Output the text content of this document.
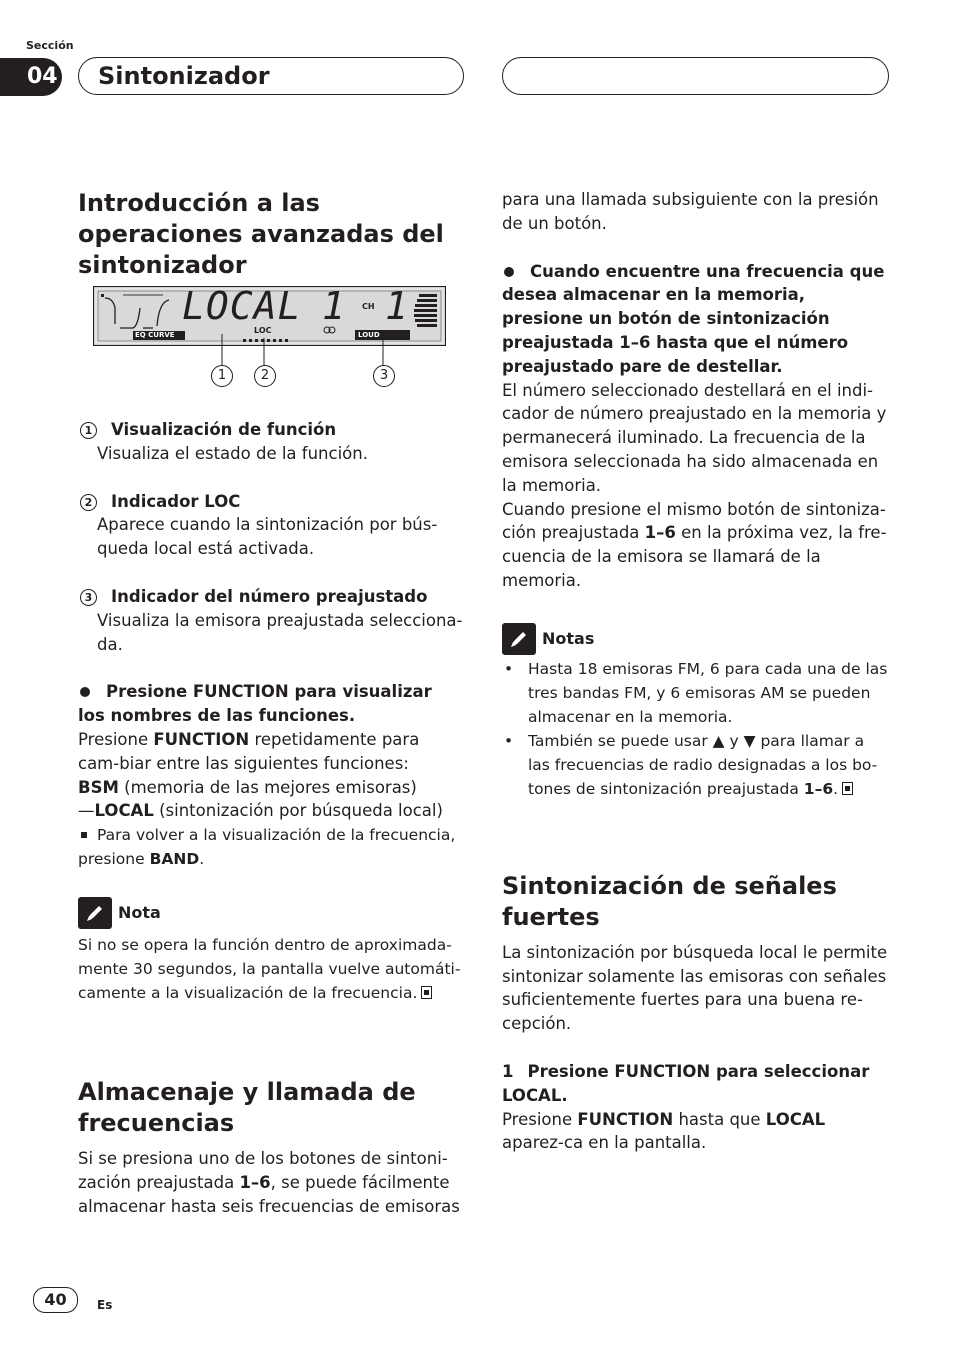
Sección
04 Sintonizador
Introducción a las operaciones avanzadas del sintonizador
LOCAL 1 CH 1
LOC
EQ CURVE	LOUD
1	2	3

1 Visualización de función

Visualiza el estado de la función.

2 Indicador LOC

Aparece cuando la sintonización por bús-queda local está activada.

3 Indicador del número preajustado

Visualiza la emisora preajustada selecciona-da.

Presione FUNCTION para visualizar los nombres de las funciones.

Presione FUNCTION repetidamente para cam-biar entre las siguientes funciones:

BSM (memoria de las mejores emisoras)

—LOCAL (sintonización por búsqueda local)

Para volver a la visualización de la frecuencia, presione BAND.

Nota

Si no se opera la función dentro de aproximada-mente 30 segundos, la pantalla vuelve automáti-camente a la visualización de la frecuencia.

Almacenaje y llamada de frecuencias

Si se presiona uno de los botones de sintoni-zación preajustada 1–6, se puede fácilmente almacenar hasta seis frecuencias de emisoras

para una llamada subsiguiente con la presión de un botón.

Cuando encuentre una frecuencia que desea almacenar en la memoria, presione un botón de sintonización preajustada 1–6 hasta que el número preajustado pare de destellar.

El número seleccionado destellará en el indi-cador de número preajustado en la memoria y permanecerá iluminado. La frecuencia de la emisora seleccionada ha sido almacenada en la memoria.

Cuando presione el mismo botón de sintoniza-ción preajustada 1–6 en la próxima vez, la fre-cuencia de la emisora se llamará de la memoria.

Notas
• Hasta 18 emisoras FM, 6 para cada una de las tres bandas FM, y 6 emisoras AM se pueden almacenar en la memoria.
• También se puede usar ▲ y ▼ para llamar a las frecuencias de radio designadas a los bo-tones de sintonización preajustada 1–6.
Sintonización de señales fuertes

La sintonización por búsqueda local le permite sintonizar solamente las emisoras con señales suficientemente fuertes para una buena re-cepción.

1 Presione FUNCTION para seleccionar LOCAL.

Presione FUNCTION hasta que LOCAL aparez-ca en la pantalla.

40	Es
